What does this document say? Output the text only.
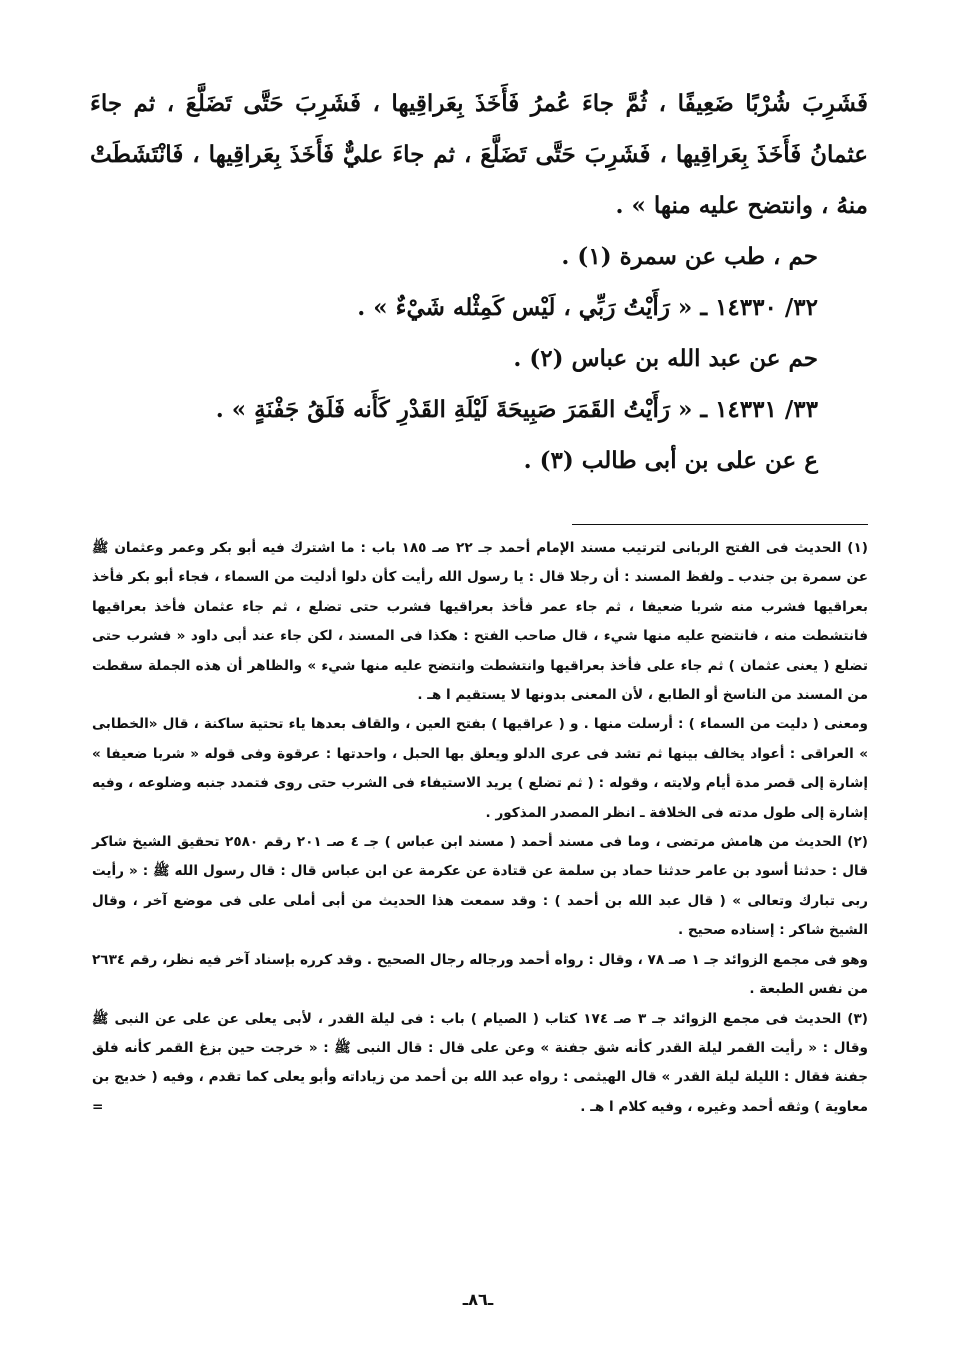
فَشَرِبَ شُرْبًا ضَعِيفًا ، ثُمَّ جاءَ عُمرُ فَأَخَذَ بِعَراقِيها ، فَشَرِبَ حَتَّى تَضَلَّعَ ، ثم جاءَ عثمانُ فَأَخَذَ بِعَراقِيها ، فَشَرِبَ حَتَّى تَضَلَّعَ ، ثم جاءَ عليٌّ فَأَخَذَ بِعَراقِيها ، فَانْتَشَطَتْ منهُ ، وانتضح عليه منها » .

حم ، طب عن سمرة (١) .

٣٢/ ١٤٣٣٠ ـ « رَأَيْتُ رَبِّي ، لَيْس كَمِثْله شَيْءٌ » .

حم عن عبد الله بن عباس (٢) .

٣٣/ ١٤٣٣١ ـ « رَأَيْتُ القَمَرَ صَبِيحَةَ لَيْلَةِ القَدْرِ كَأَنه فَلَقُ جَفْنَةٍ » .

ع عن على بن أبى طالب (٣) .

(١) الحديث فى الفتح الربانى لترتيب مسند الإمام أحمد جـ ٢٢ صـ ١٨٥ باب : ما اشترك فيه أبو بكر وعمر وعثمان ﷺ عن سمرة بن جندب ـ ولفظ المسند : أن رجلا قال : يا رسول الله رأيت كأن دلوا أدليت من السماء ، فجاء أبو بكر فأخذ بعراقيها فشرب منه شربا ضعيفا ، ثم جاء عمر فأخذ بعراقيها فشرب حتى تضلع ، ثم جاء عثمان فأخذ بعراقيها فانتشطت منه ، فانتضح عليه منها شيء ، قال صاحب الفتح : هكذا فى المسند ، لكن جاء عند أبى داود « فشرب حتى تضلع ( يعنى عثمان ) ثم جاء على فأخذ بعراقيها وانتشطت وانتضح عليه منها شيء » والظاهر أن هذه الجملة سقطت من المسند من الناسخ أو الطابع ، لأن المعنى بدونها لا يستقيم ا هـ .

ومعنى ( دليت من السماء ) : أرسلت منها . و ( عراقيها ) بفتح العين ، والقاف بعدها ياء تحتية ساكنة ، قال «الخطابى » العراقى : أعواد يخالف بينها ثم تشد فى عرى الدلو ويعلق بها الحبل ، واحدتها : عرقوة وفى قوله « شربا ضعيفا » إشارة إلى قصر مدة أيام ولايته ، وقوله : ( ثم تضلع ) يريد الاستيفاء فى الشرب حتى روى فتمدد جنبه وضلوعه ، وفيه إشارة إلى طول مدته فى الخلافة ـ انظر المصدر المذكور .

(٢) الحديث من هامش مرتضى ، وما فى مسند أحمد ( مسند ابن عباس ) جـ ٤ صـ ٢٠١ رقم ٢٥٨٠ تحقيق الشيخ شاكر قال : حدثنا أسود بن عامر حدثنا حماد بن سلمة عن قتادة عن عكرمة عن ابن عباس قال : قال رسول الله ﷺ : « رأيت ربى تبارك وتعالى » ( قال عبد الله بن أحمد ) : وقد سمعت هذا الحديث من أبى أملى على فى موضع آخر ، وقال الشيخ شاكر : إسناده صحيح .

وهو فى مجمع الزوائد جـ ١ صـ ٧٨ ، وقال : رواه أحمد ورجاله رجال الصحيح . وقد كرره بإسناد آخر فيه نظر، رقم ٢٦٣٤ من نفس الطبعة .

(٣) الحديث فى مجمع الزوائد جـ ٣ صـ ١٧٤ كتاب ( الصيام ) باب : فى ليلة القدر ، لأبى يعلى عن على عن النبى ﷺ وقال : « رأيت القمر ليلة القدر كأنه شق جفنة » وعن على قال : قال النبى ﷺ : « خرجت حين بزغ القمر كأنه فلق جفنة فقال : الليلة ليلة القدر » قال الهيثمى : رواه عبد الله بن أحمد من زياداته وأبو يعلى كما تقدم ، وفيه ( خديج بن معاوية ) وثقه أحمد وغيره ، وفيه كلام ا هـ .
=

ـ٨٦ـ
